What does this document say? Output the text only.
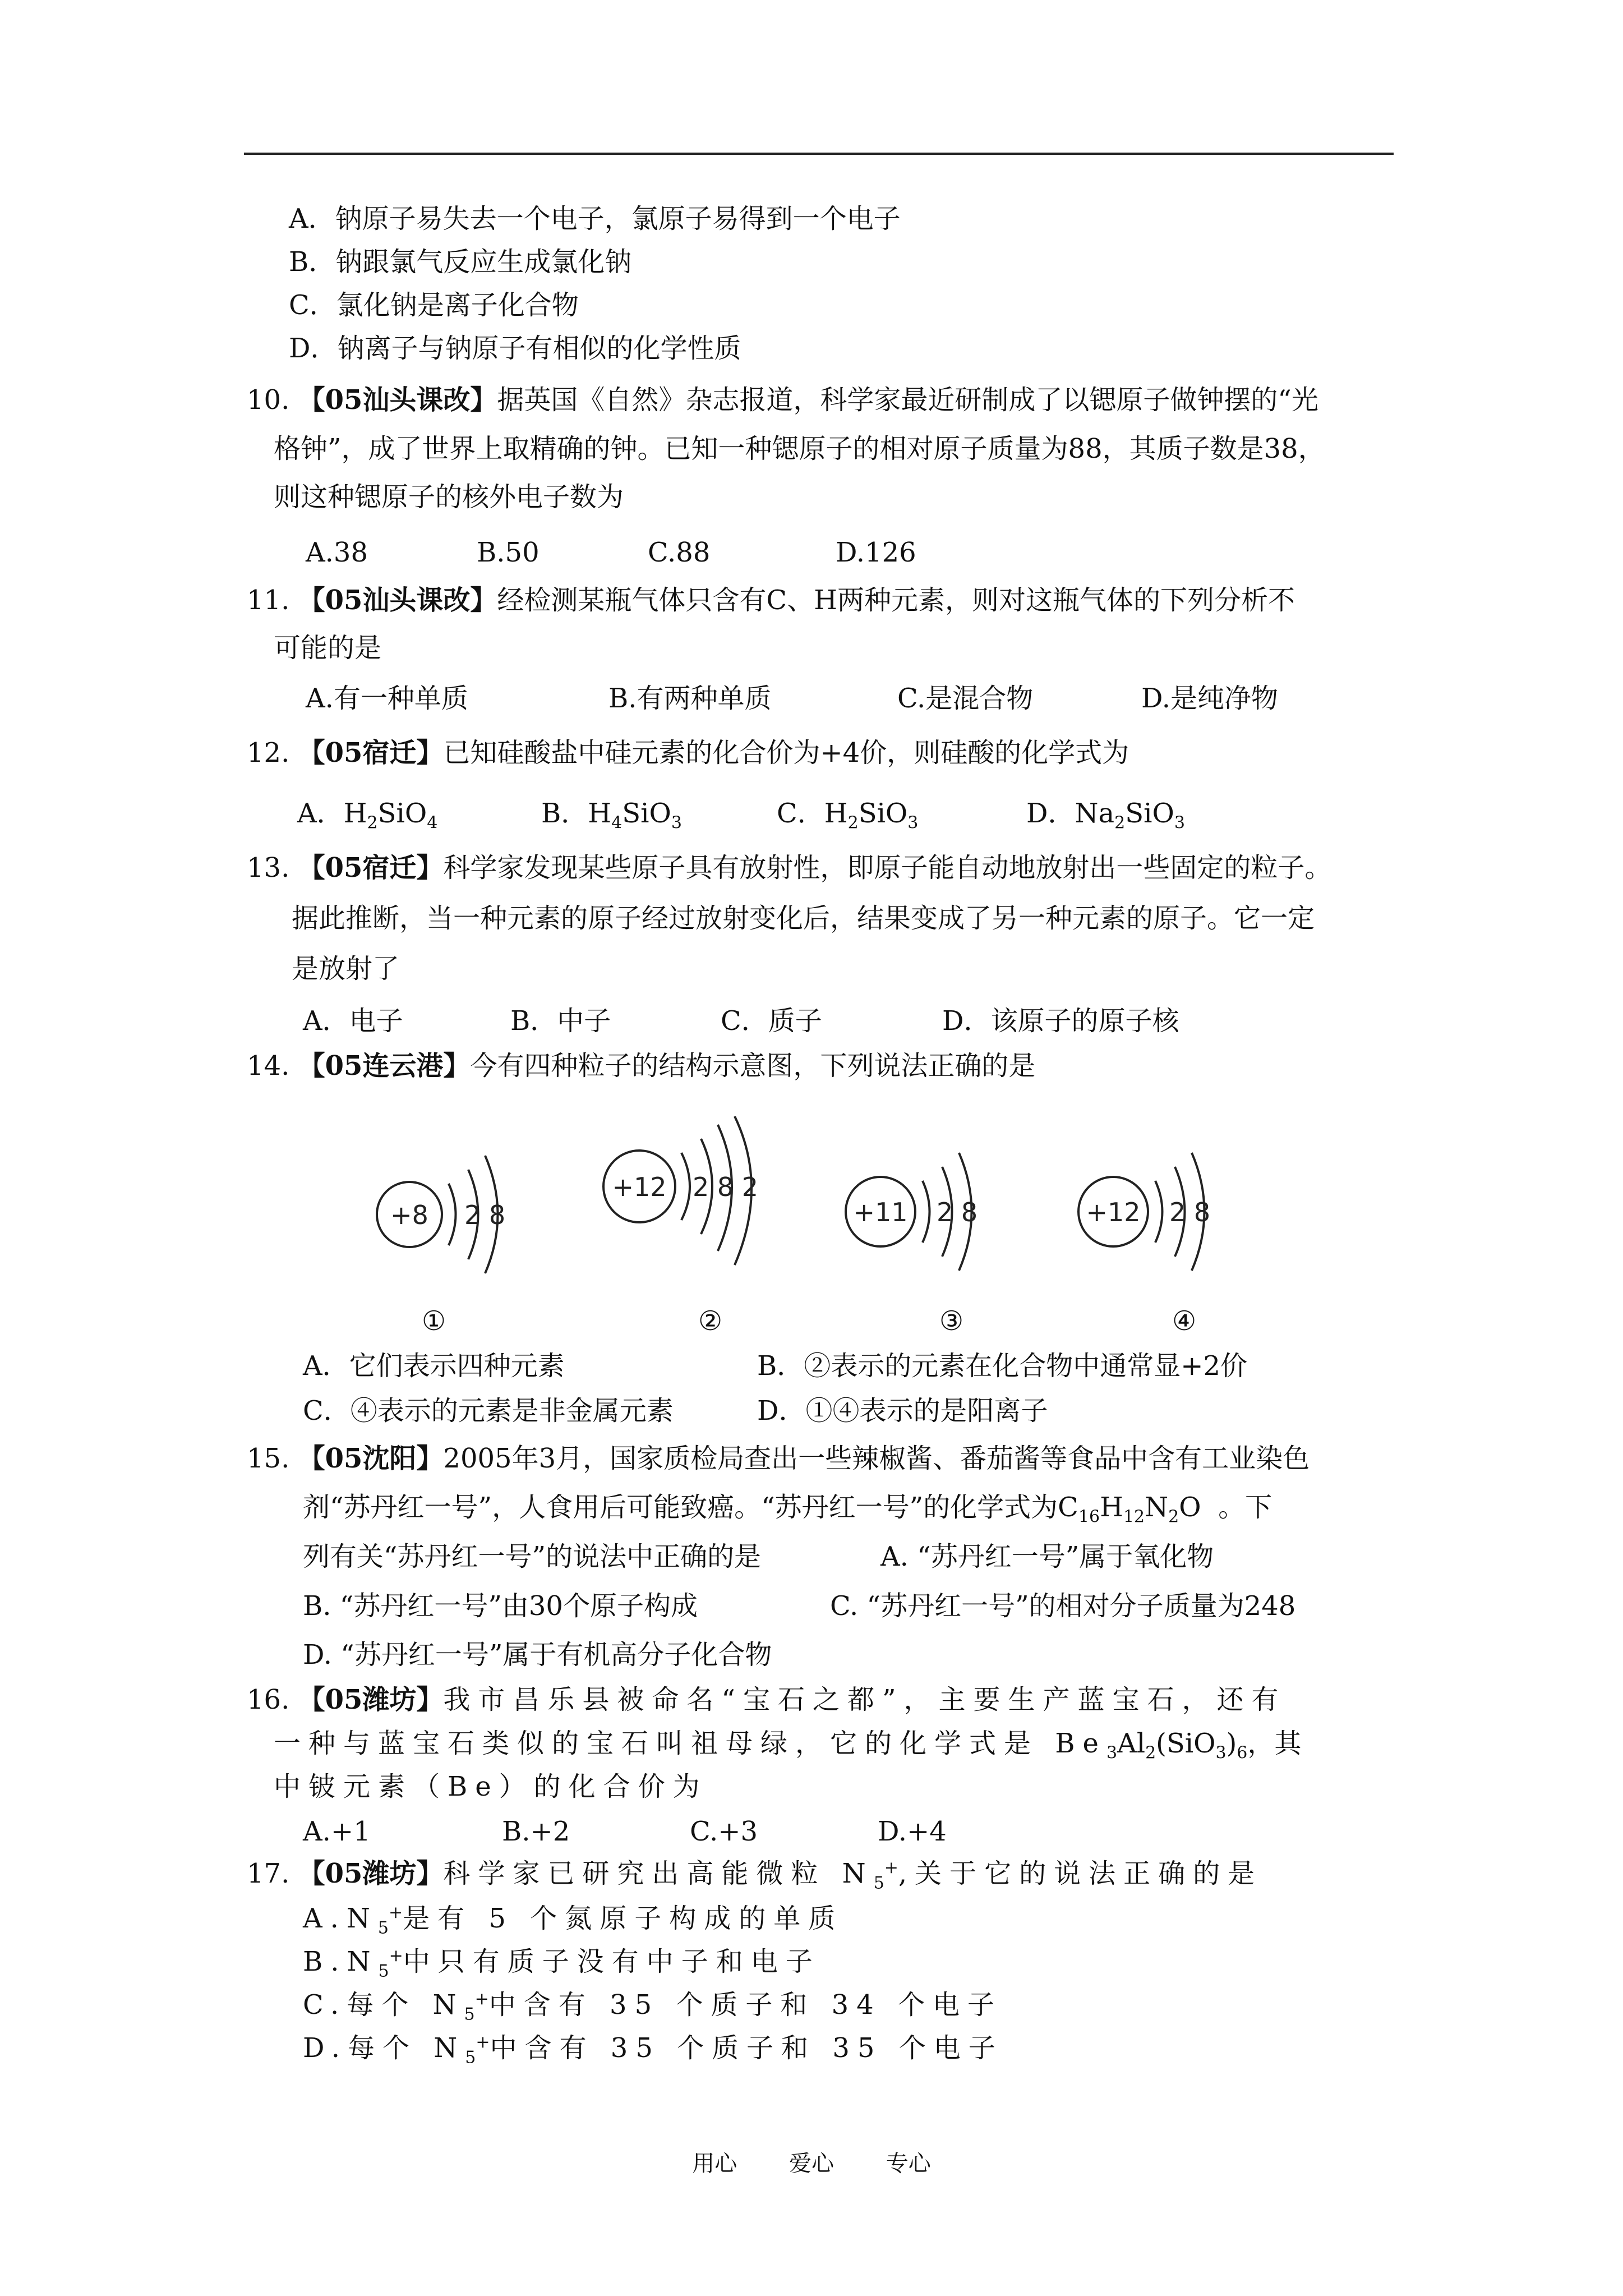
A．钠原子易失去一个电子，氯原子易得到一个电子
B．钠跟氯气反应生成氯化钠
C．氯化钠是离子化合物
D．钠离子与钠原子有相似的化学性质
10. 【05汕头课改】据英国《自然》杂志报道，科学家最近研制成了以锶原子做钟摆的“光
格钟”，成了世界上取精确的钟。已知一种锶原子的相对原子质量为88，其质子数是38，
则这种锶原子的核外电子数为
A.38	B.50	C.88	D.126
11. 【05汕头课改】经检测某瓶气体只含有C、H两种元素，则对这瓶气体的下列分析不
可能的是
A.有一种单质	B.有两种单质	C.是混合物	D.是纯净物
12. 【05宿迁】已知硅酸盐中硅元素的化合价为+4价，则硅酸的化学式为
A．$H_2SiO_4$	B．$H_4SiO_3$	C．$H_2SiO_3$	D．$Na_2SiO_3$
13. 【05宿迁】科学家发现某些原子具有放射性，即原子能自动地放射出一些固定的粒子。
据此推断，当一种元素的原子经过放射变化后，结果变成了另一种元素的原子。它一定
是放射了
A．电子	B．中子	C．质子	D．该原子的原子核
14. 【05连云港】今有四种粒子的结构示意图，下列说法正确的是
+8 2 8
+12 2 8 2
+11 2 8	+12 2 8
①	②	③	④
A．它们表示四种元素	B．②表示的元素在化合物中通常显+2价
C．④表示的元素是非金属元素	D．①④表示的是阳离子
15. 【05沈阳】2005年3月，国家质检局查出一些辣椒酱、番茄酱等食品中含有工业染色
剂“苏丹红一号”，人食用后可能致癌。“苏丹红一号”的化学式为$C_{16}H_{12}N_2O$ 。下
列有关“苏丹红一号”的说法中正确的是	A. “苏丹红一号”属于氧化物
B. “苏丹红一号”由30个原子构成	C. “苏丹红一号”的相对分子质量为248
D. “苏丹红一号”属于有机高分子化合物
16. 【05潍坊】我市昌乐县被命名“宝石之都”，主要生产蓝宝石，还有
一种与蓝宝石类似的宝石叫祖母绿，它的化学式是 $Be_3Al_2(SiO_3)_6$，其
中铍元素（Be）的化合价为
A.+1	B.+2	C.+3	D.+4
17. 【05潍坊】科学家已研究出高能微粒 $N_5^+$,关于它的说法正确的是
$A.N_5^+$是有 5 个氮原子构成的单质
$B.N_5^+$中只有质子没有中子和电子
C.每个 $N_5^+$中含有 35 个质子和 34 个电子
D.每个 $N_5^+$中含有 35 个质子和 35 个电子
用心 爱心 专心
